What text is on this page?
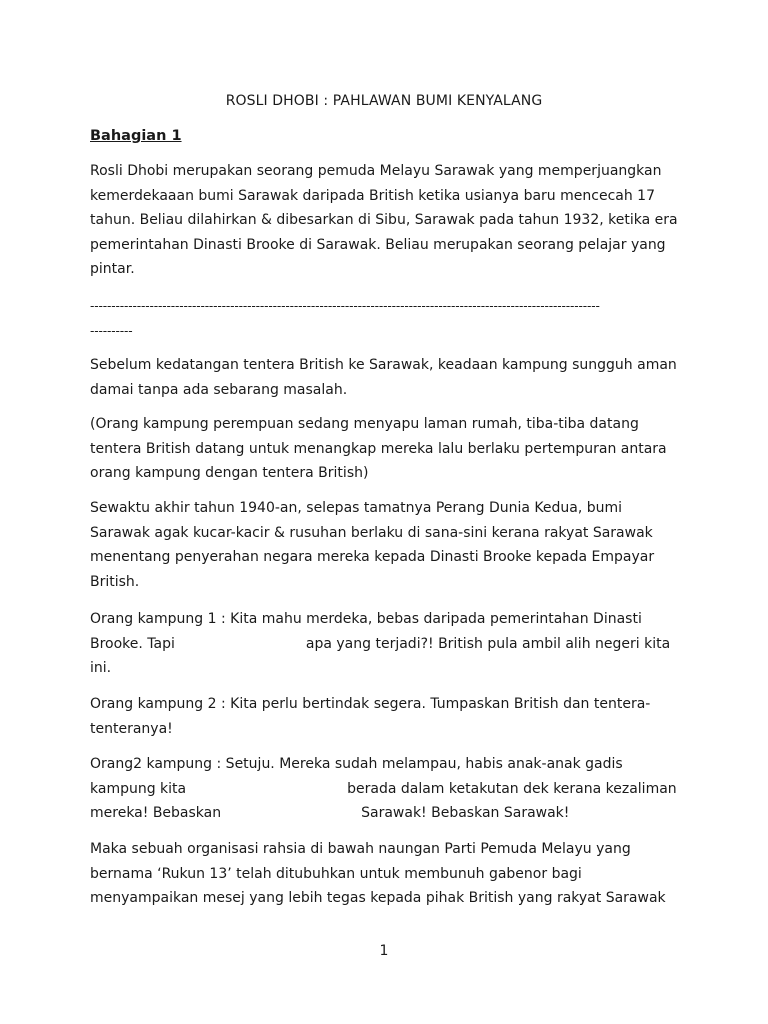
ROSLI DHOBI : PAHLAWAN BUMI KENYALANG
Bahagian 1
Rosli Dhobi merupakan seorang pemuda Melayu Sarawak yang memperjuangkan
kemerdekaaan bumi Sarawak daripada British ketika usianya baru mencecah 17
tahun. Beliau dilahirkan & dibesarkan di Sibu, Sarawak pada tahun 1932, ketika era
pemerintahan Dinasti Brooke di Sarawak. Beliau merupakan seorang pelajar yang
pintar.
------------------------------------------------------------------------------------------------------------------------
----------
Sebelum kedatangan tentera British ke Sarawak, keadaan kampung sungguh aman
damai tanpa ada sebarang masalah.
(Orang kampung perempuan sedang menyapu laman rumah, tiba-tiba datang
tentera British datang untuk menangkap mereka lalu berlaku pertempuran antara
orang kampung dengan tentera British)
Sewaktu akhir tahun 1940-an, selepas tamatnya Perang Dunia Kedua, bumi
Sarawak agak kucar-kacir & rusuhan berlaku di sana-sini kerana rakyat Sarawak
menentang penyerahan negara mereka kepada Dinasti Brooke kepada Empayar
British.
Orang kampung 1 : Kita mahu merdeka, bebas daripada pemerintahan Dinasti
Brooke. Tapi	apa yang terjadi?! British pula ambil alih negeri kita
ini.
Orang kampung 2 : Kita perlu bertindak segera. Tumpaskan British dan tentera-
tenteranya!
Orang2 kampung : Setuju. Mereka sudah melampau, habis anak-anak gadis
kampung kita	berada dalam ketakutan dek kerana kezaliman
mereka! Bebaskan	Sarawak! Bebaskan Sarawak!
Maka sebuah organisasi rahsia di bawah naungan Parti Pemuda Melayu yang
bernama ‘Rukun 13’ telah ditubuhkan untuk membunuh gabenor bagi
menyampaikan mesej yang lebih tegas kepada pihak British yang rakyat Sarawak
1
